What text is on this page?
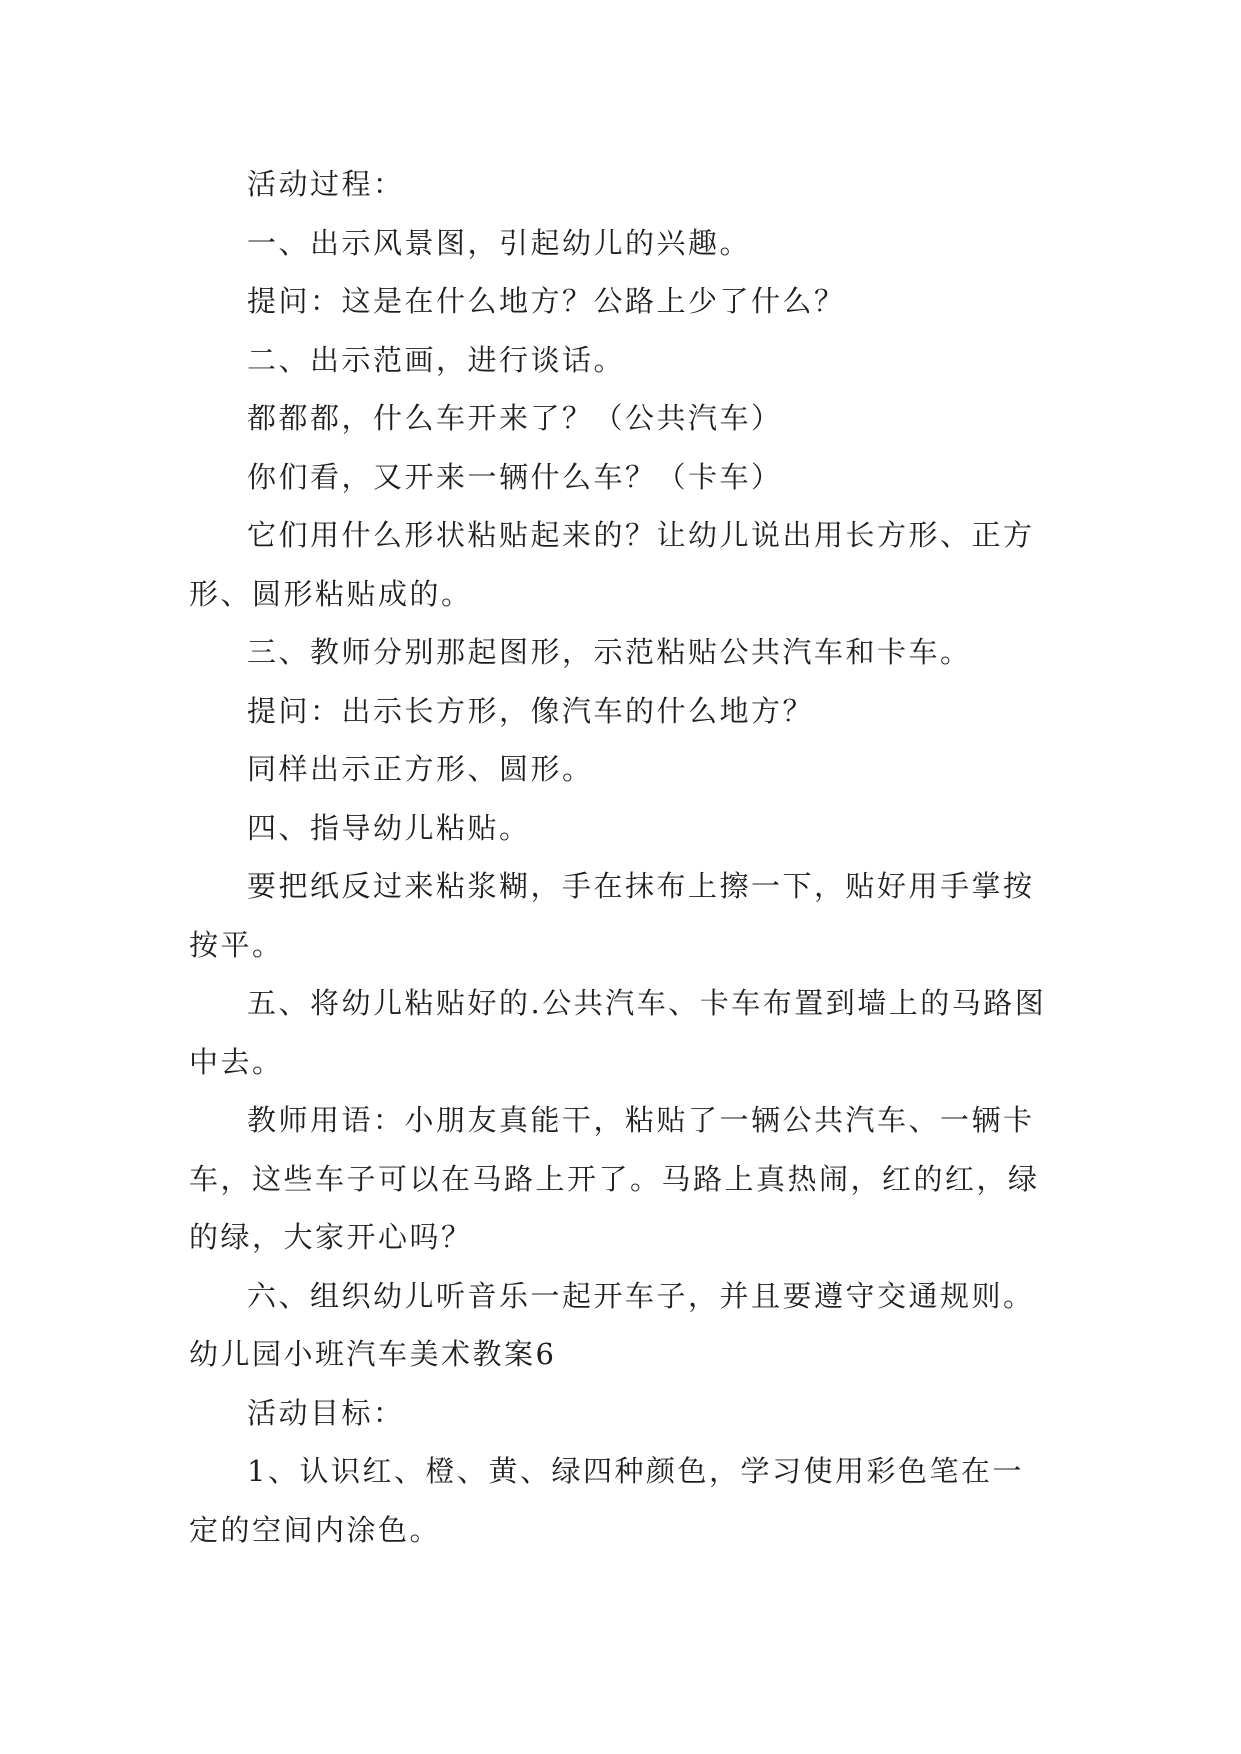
活动过程：

一、出示风景图，引起幼儿的兴趣。

提问：这是在什么地方？公路上少了什么？

二、出示范画，进行谈话。

都都都，什么车开来了？（公共汽车）

你们看，又开来一辆什么车？（卡车）

它们用什么形状粘贴起来的？让幼儿说出用长方形、正方形、圆形粘贴成的。

三、教师分别那起图形，示范粘贴公共汽车和卡车。

提问：出示长方形，像汽车的什么地方？

同样出示正方形、圆形。

四、指导幼儿粘贴。

要把纸反过来粘浆糊，手在抹布上擦一下，贴好用手掌按按平。

五、将幼儿粘贴好的.公共汽车、卡车布置到墙上的马路图中去。

教师用语：小朋友真能干，粘贴了一辆公共汽车、一辆卡车，这些车子可以在马路上开了。马路上真热闹，红的红，绿的绿，大家开心吗？

六、组织幼儿听音乐一起开车子，并且要遵守交通规则。

幼儿园小班汽车美术教案6

活动目标：

1、认识红、橙、黄、绿四种颜色，学习使用彩色笔在一定的空间内涂色。
